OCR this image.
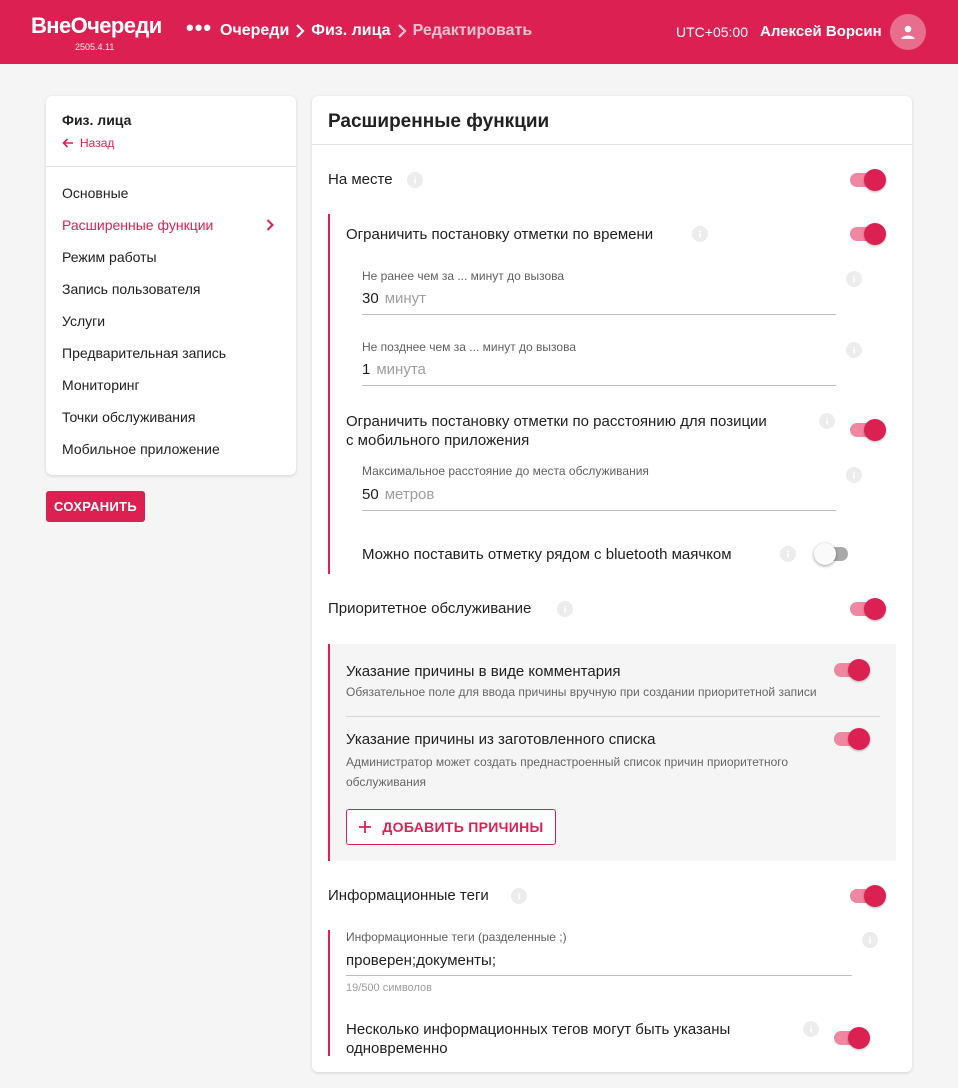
ВнеОчереди
2505.4.11
••• Очереди Физ. лица Редактировать	UTC+05:00 Алексей Ворсин
Физ. лица
Назад
Основные
Расширенные функции
Режим работы
Запись пользователя
Услуги
Предварительная запись
Мониторинг
Точки обслуживания
Мобильное приложение
СОХРАНИТЬ
Расширенные функции
На месте
Ограничить постановку отметки по времени
Не ранее чем за ... минут до вызова
30 минут
Не позднее чем за ... минут до вызова
1 минута
Ограничить постановку отметки по расстоянию для позиции
с мобильного приложения
Максимальное расстояние до места обслуживания
50 метров
Можно поставить отметку рядом с bluetooth маячком
Приоритетное обслуживание
Указание причины в виде комментария
Обязательное поле для ввода причины вручную при создании приоритетной записи
Указание причины из заготовленного списка
Администратор может создать преднастроенный список причин приоритетного
обслуживания
ДОБАВИТЬ ПРИЧИНЫ
Информационные теги
Информационные теги (разделенные ;)
проверен;документы;
19/500 символов
Несколько информационных тегов могут быть указаны
одновременно
